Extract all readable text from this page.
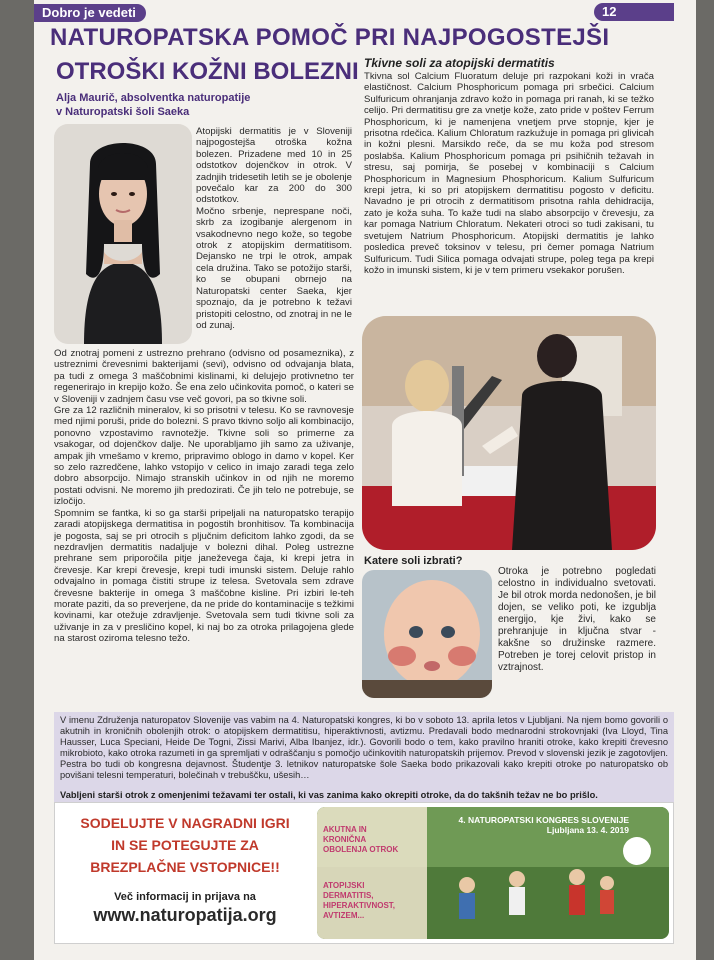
Dobro je vedeti	12
NATUROPATSKA POMOČ PRI NAJPOGOSTEJŠI
OTROŠKI KOŽNI BOLEZNI
Alja Maurič, absolventka naturopatije
v Naturopatski šoli Saeka
Atopijski dermatitis je v Sloveniji najpogostejša otroška kožna bolezen. Prizadene med 10 in 25 odstotkov dojenčkov in otrok. V zadnjih tridesetih letih se je obolenje povečalo kar za 200 do 300 odstotkov.
Močno srbenje, neprespane noči, skrb za izogibanje alergenom in vsakodnevno nego kože, so tegobe otrok z atopijskim dermatitisom. Dejansko ne trpi le otrok, ampak cela družina. Tako se potožijo starši, ko se obupani obrnejo na Naturopatski center Saeka, kjer spoznajo, da je potrebno k težavi pristopiti celostno, od znotraj in ne le od zunaj.
Od znotraj pomeni z ustrezno prehrano (odvisno od posameznika), z ustreznimi črevesnimi bakterijami (sevi), odvisno od odvajanja blata, pa tudi z omega 3 maščobnimi kislinami, ki delujejo protivnetno ter regenerirajo in krepijo kožo. Še ena zelo učinkovita pomoč, o kateri se v Sloveniji v zadnjem času vse več govori, pa so tkivne soli.
Gre za 12 različnih mineralov, ki so prisotni v telesu. Ko se ravnovesje med njimi poruši, pride do bolezni. S pravo tkivno soljo ali kombinacijo, ponovno vzpostavimo ravnotežje. Tkivne soli so primerne za vsakogar, od dojenčkov dalje. Ne uporabljamo jih samo za uživanje, ampak jih vmešamo v kremo, pripravimo oblogo in damo v kopel. Ker so zelo razredčene, lahko vstopijo v celico in imajo zaradi tega zelo dobro absorpcijo. Nimajo stranskih učinkov in od njih ne moremo postati odvisni. Ne moremo jih predozirati. Če jih telo ne potrebuje, se izločijo.
Spomnim se fantka, ki so ga starši pripeljali na naturopatsko terapijo zaradi atopijskega dermatitisa in pogostih bronhitisov. Ta kombinacija je pogosta, saj se pri otrocih s pljučnim deficitom lahko zgodi, da se nezdravljen dermatitis nadaljuje v bolezni dihal. Poleg ustrezne prehrane sem priporočila pitje janeževega čaja, ki krepi jetra in črevesje. Kar krepi črevesje, krepi tudi imunski sistem. Deluje rahlo odvajalno in pomaga čistiti strupe iz telesa. Svetovala sem zdrave črevesne bakterije in omega 3 maščobne kisline. Pri izbiri le-teh morate paziti, da so preverjene, da ne pride do kontaminacije s težkimi kovinami, kar otežuje zdravljenje. Svetovala sem tudi tkivne soli za uživanje in za v presličino kopel, ki naj bo za otroka prilagojena glede na starost oziroma telesno težo.
Tkivne soli za atopijski dermatitis
Tkivna sol Calcium Fluoratum deluje pri razpokani koži in vrača elastičnost. Calcium Phosphoricum pomaga pri srbečici. Calcium Sulfuricum ohranjanja zdravo kožo in pomaga pri ranah, ki se težko celijo. Pri dermatitisu gre za vnetje kože, zato pride v poštev Ferrum Phosphoricum, ki je namenjena vnetjem prve stopnje, kjer je prisotna rdečica. Kalium Chloratum razkužuje in pomaga pri glivicah in kožni plesni. Marsikdo reče, da se mu koža pod stresom poslabša. Kalium Phosphoricum pomaga pri psihičnih težavah in stresu, saj pomirja, še posebej v kombinaciji s Calcium Phosphoricum in Magnesium Phosphoricum. Kalium Sulfuricum krepi jetra, ki so pri atopijskem dermatitisu pogosto v deficitu. Navadno je pri otrocih z dermatitisom prisotna rahla dehidracija, zato je koža suha. To kaže tudi na slabo absorpcijo v črevesju, za kar pomaga Natrium Chloratum. Nekateri otroci so tudi zakisani, tu svetujem Natrium Phosphoricum. Atopijski dermatitis je lahko posledica preveč toksinov v telesu, pri čemer pomaga Natrium Sulfuricum. Tudi Silica pomaga odvajati strupe, poleg tega pa krepi kožo in imunski sistem, ki je v tem primeru vsekakor porušen.
Katere soli izbrati?
Otroka je potrebno pogledati celostno in individualno svetovati. Je bil otrok morda nedonošen, je bil dojen, se veliko poti, ke izgublja energijo, kje živi, kako se prehranjuje in ključna stvar - kakšne so družinske razmere. Potreben je torej celovit pristop in vztrajnost.
V imenu Združenja naturopatov Slovenije vas vabim na 4. Naturopatski kongres, ki bo v soboto 13. aprila letos v Ljubljani. Na njem bomo govorili o akutnih in kroničnih obolenjih otrok: o atopijskem dermatitisu, hiperaktivnosti, avtizmu. Predavali bodo mednarodni strokovnjaki (Iva Lloyd, Tina Hausser, Luca Speciani, Heide De Togni, Zissi Marivi, Alba Ibanjez, idr.). Govorili bodo o tem, kako pravilno hraniti otroke, kako krepiti črevesno mikrobioto, kako otroka razumeti in ga spremljati v odraščanju s pomočjo učinkovitih naturopatskih prijemov. Prevod v slovenski jezik je zagotovljen. Pestra bo tudi ob kongresna dejavnost. Študentje 3. letnikov naturopatske šole Saeka bodo prikazovali kako krepiti otroke po naturopatsko ob povišani telesni temperaturi, bolečinah v trebuščku, ušesih…
Vabljeni starši otrok z omenjenimi težavami ter ostali, ki vas zanima kako okrepiti otroke, da do takšnih težav ne bo prišlo.
SODELUJTE V NAGRADNI IGRI
IN SE POTEGUJTE ZA
BREZPLAČNE VSTOPNICE!!
Več informacij in prijava na
www.naturopatija.org
4. NATUROPATSKI KONGRES SLOVENIJE
Ljubljana 13. 4. 2019
AKUTNA IN
KRONIČNA
OBOLENJA OTROK
ATOPIJSKI
DERMATITIS,
HIPERAKTIVNOST,
AVTIZEM...
